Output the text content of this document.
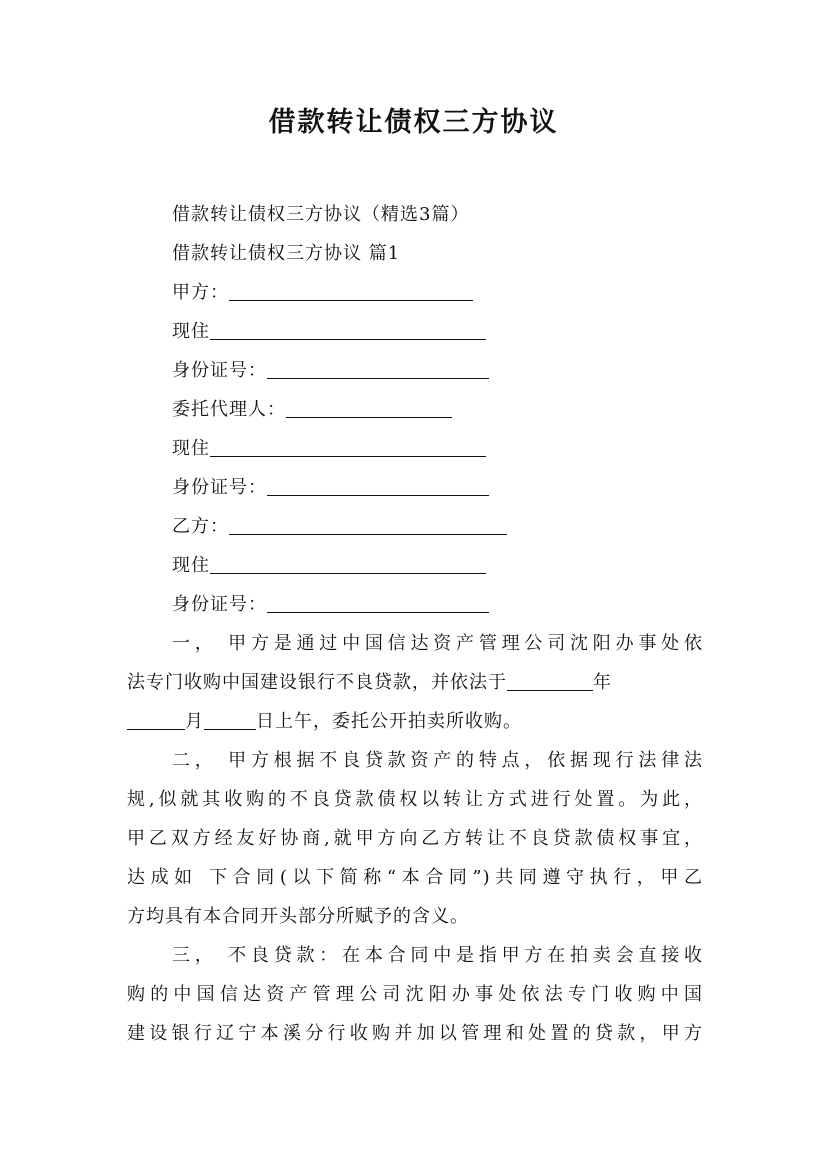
借款转让债权三方协议
借款转让债权三方协议（精选3篇）
借款转让债权三方协议 篇1
甲方：
现住
身份证号：
委托代理人：
现住
身份证号：
乙方：
现住
身份证号：
一， 甲方是通过中国信达资产管理公司沈阳办事处依
法专门收购中国建设银行不良贷款，并依法于	年
月	日上午，委托公开拍卖所收购。
二， 甲方根据不良贷款资产的特点，依据现行法律法
规,似就其收购的不良贷款债权以转让方式进行处置。为此，
甲乙双方经友好协商,就甲方向乙方转让不良贷款债权事宜，
达成如 下合同(以下简称“本合同”)共同遵守执行，甲乙
方均具有本合同开头部分所赋予的含义。
三， 不良贷款：在本合同中是指甲方在拍卖会直接收
购的中国信达资产管理公司沈阳办事处依法专门收购中国
建设银行辽宁本溪分行收购并加以管理和处置的贷款，甲方
